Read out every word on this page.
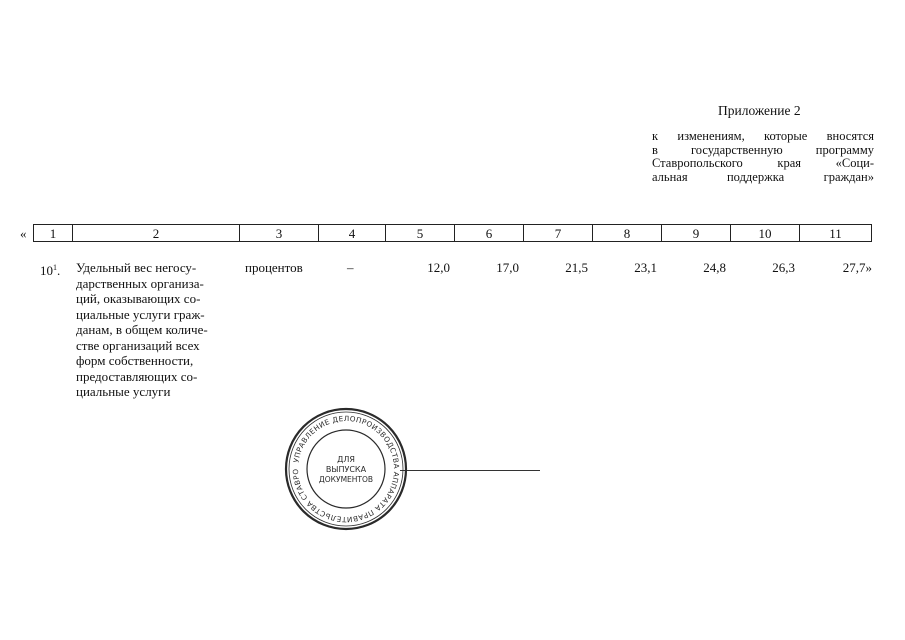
Приложение 2
к изменениям, которые вносятся
в государственную программу
Ставропольского края «Соци-
альная поддержка граждан»
« 1	2	3	4	5	6	7	8	9	10	11
$10^1$. Удельный вес негосу-
дарственных организа-
ций, оказывающих со-
циальные услуги граж-
данам, в общем количе-
стве организаций всех
форм собственности,
предоставляющих со-
циальные услуги
процентов	–	12,0	17,0	21,5	23,1	24,8	26,3	27,7»
УПРАВЛЕНИЕ ДЕЛОПРОИЗВОДСТВА АППАРАТА ПРАВИТЕЛЬСТВА СТАВРО
ДЛЯ
ВЫПУСКА
ДОКУМЕНТОВ
